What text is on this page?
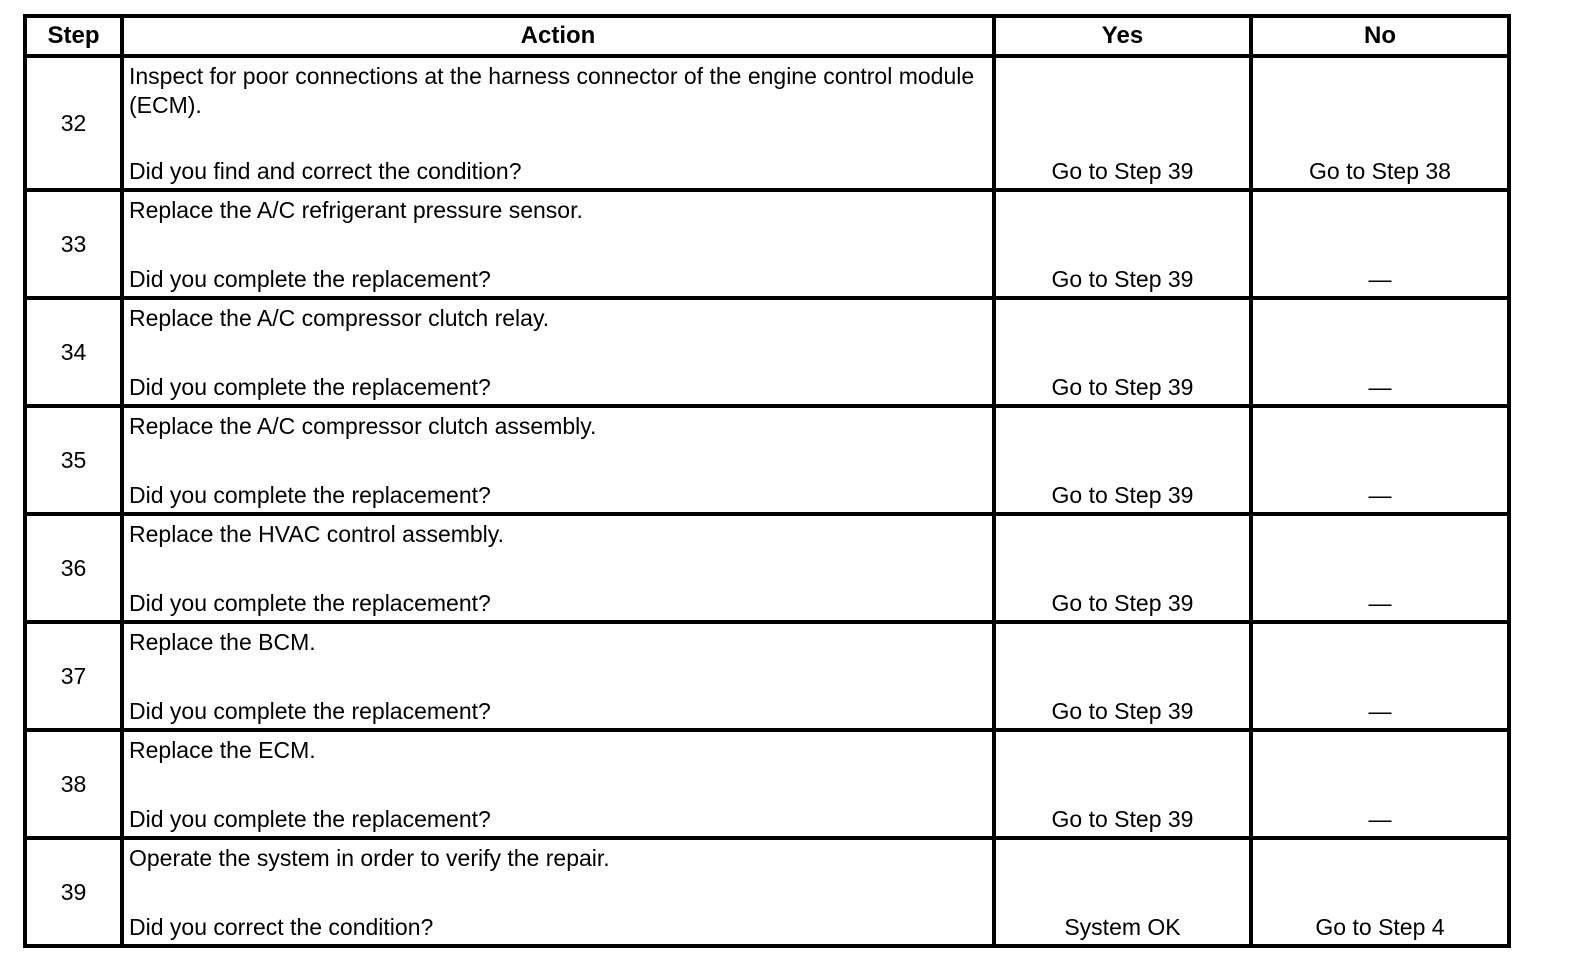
Step	Action	Yes	No
32	Inspect for poor connections at the harness connector of the engine control module (ECM).
Did you find and correct the condition?	Go to Step 39	Go to Step 38

33	Replace the A/C refrigerant pressure sensor.
Did you complete the replacement?	Go to Step 39	—

34	Replace the A/C compressor clutch relay.
Did you complete the replacement?	Go to Step 39	—

35	Replace the A/C compressor clutch assembly.
Did you complete the replacement?	Go to Step 39	—

36	Replace the HVAC control assembly.
Did you complete the replacement?	Go to Step 39	—

37	Replace the BCM.
Did you complete the replacement?	Go to Step 39	—

38	Replace the ECM.
Did you complete the replacement?	Go to Step 39	—

39	Operate the system in order to verify the repair.
Did you correct the condition?	System OK	Go to Step 4
